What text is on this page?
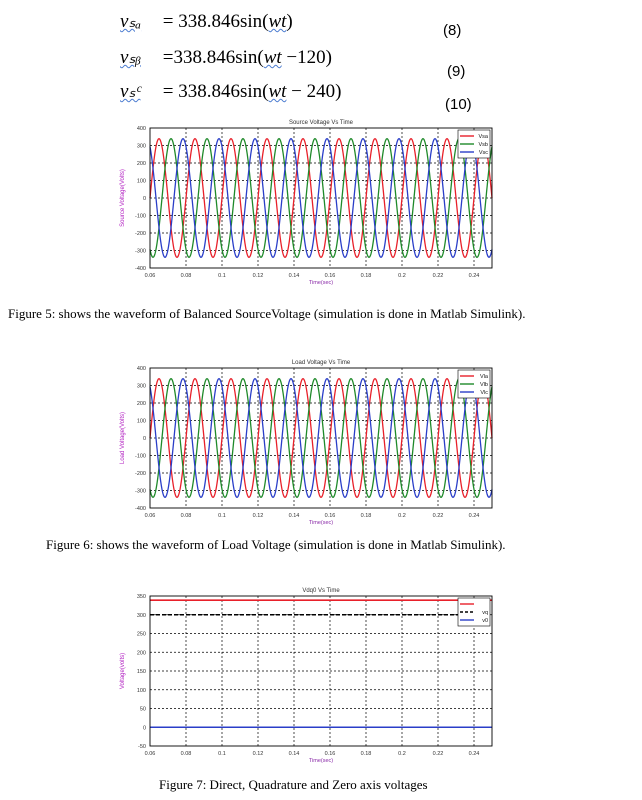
vₛₐ = 338.846sin(wt)	(8)
vₛᵦ =338.846sin(wt −120)
(9)
vₛᶜ = 338.846sin(wt − 240)
(10)
Source Voltage Vs Time
0.06	0.08	0.1	0.12	0.14	0.16	0.18	0.2	0.22	0.24
400
300
200
100
0
-100
-200
-300
-400
Vsa
Vsb
Vsc
Time(sec)
Source Voltage(Volts)
Figure 5: shows the waveform of Balanced SourceVoltage (simulation is done in Matlab Simulink).
Load Voltage Vs Time
0.06	0.08	0.1	0.12	0.14	0.16	0.18	0.2	0.22	0.24
400
300
200
100
0
-100
-200
-300
-400
Vla
Vlb
Vlc
Time(sec)
Load Voltage(Volts)
Figure 6: shows the waveform of Load Voltage (simulation is done in Matlab Simulink).
Vdq0 Vs Time
0.06	0.08	0.1	0.12	0.14	0.16	0.18	0.2	0.22	0.24
350
300
250
200
150
100
50
0
-50
vq
v0
Time(sec)
Voltage(volts)
Figure 7: Direct, Quadrature and Zero axis voltages
